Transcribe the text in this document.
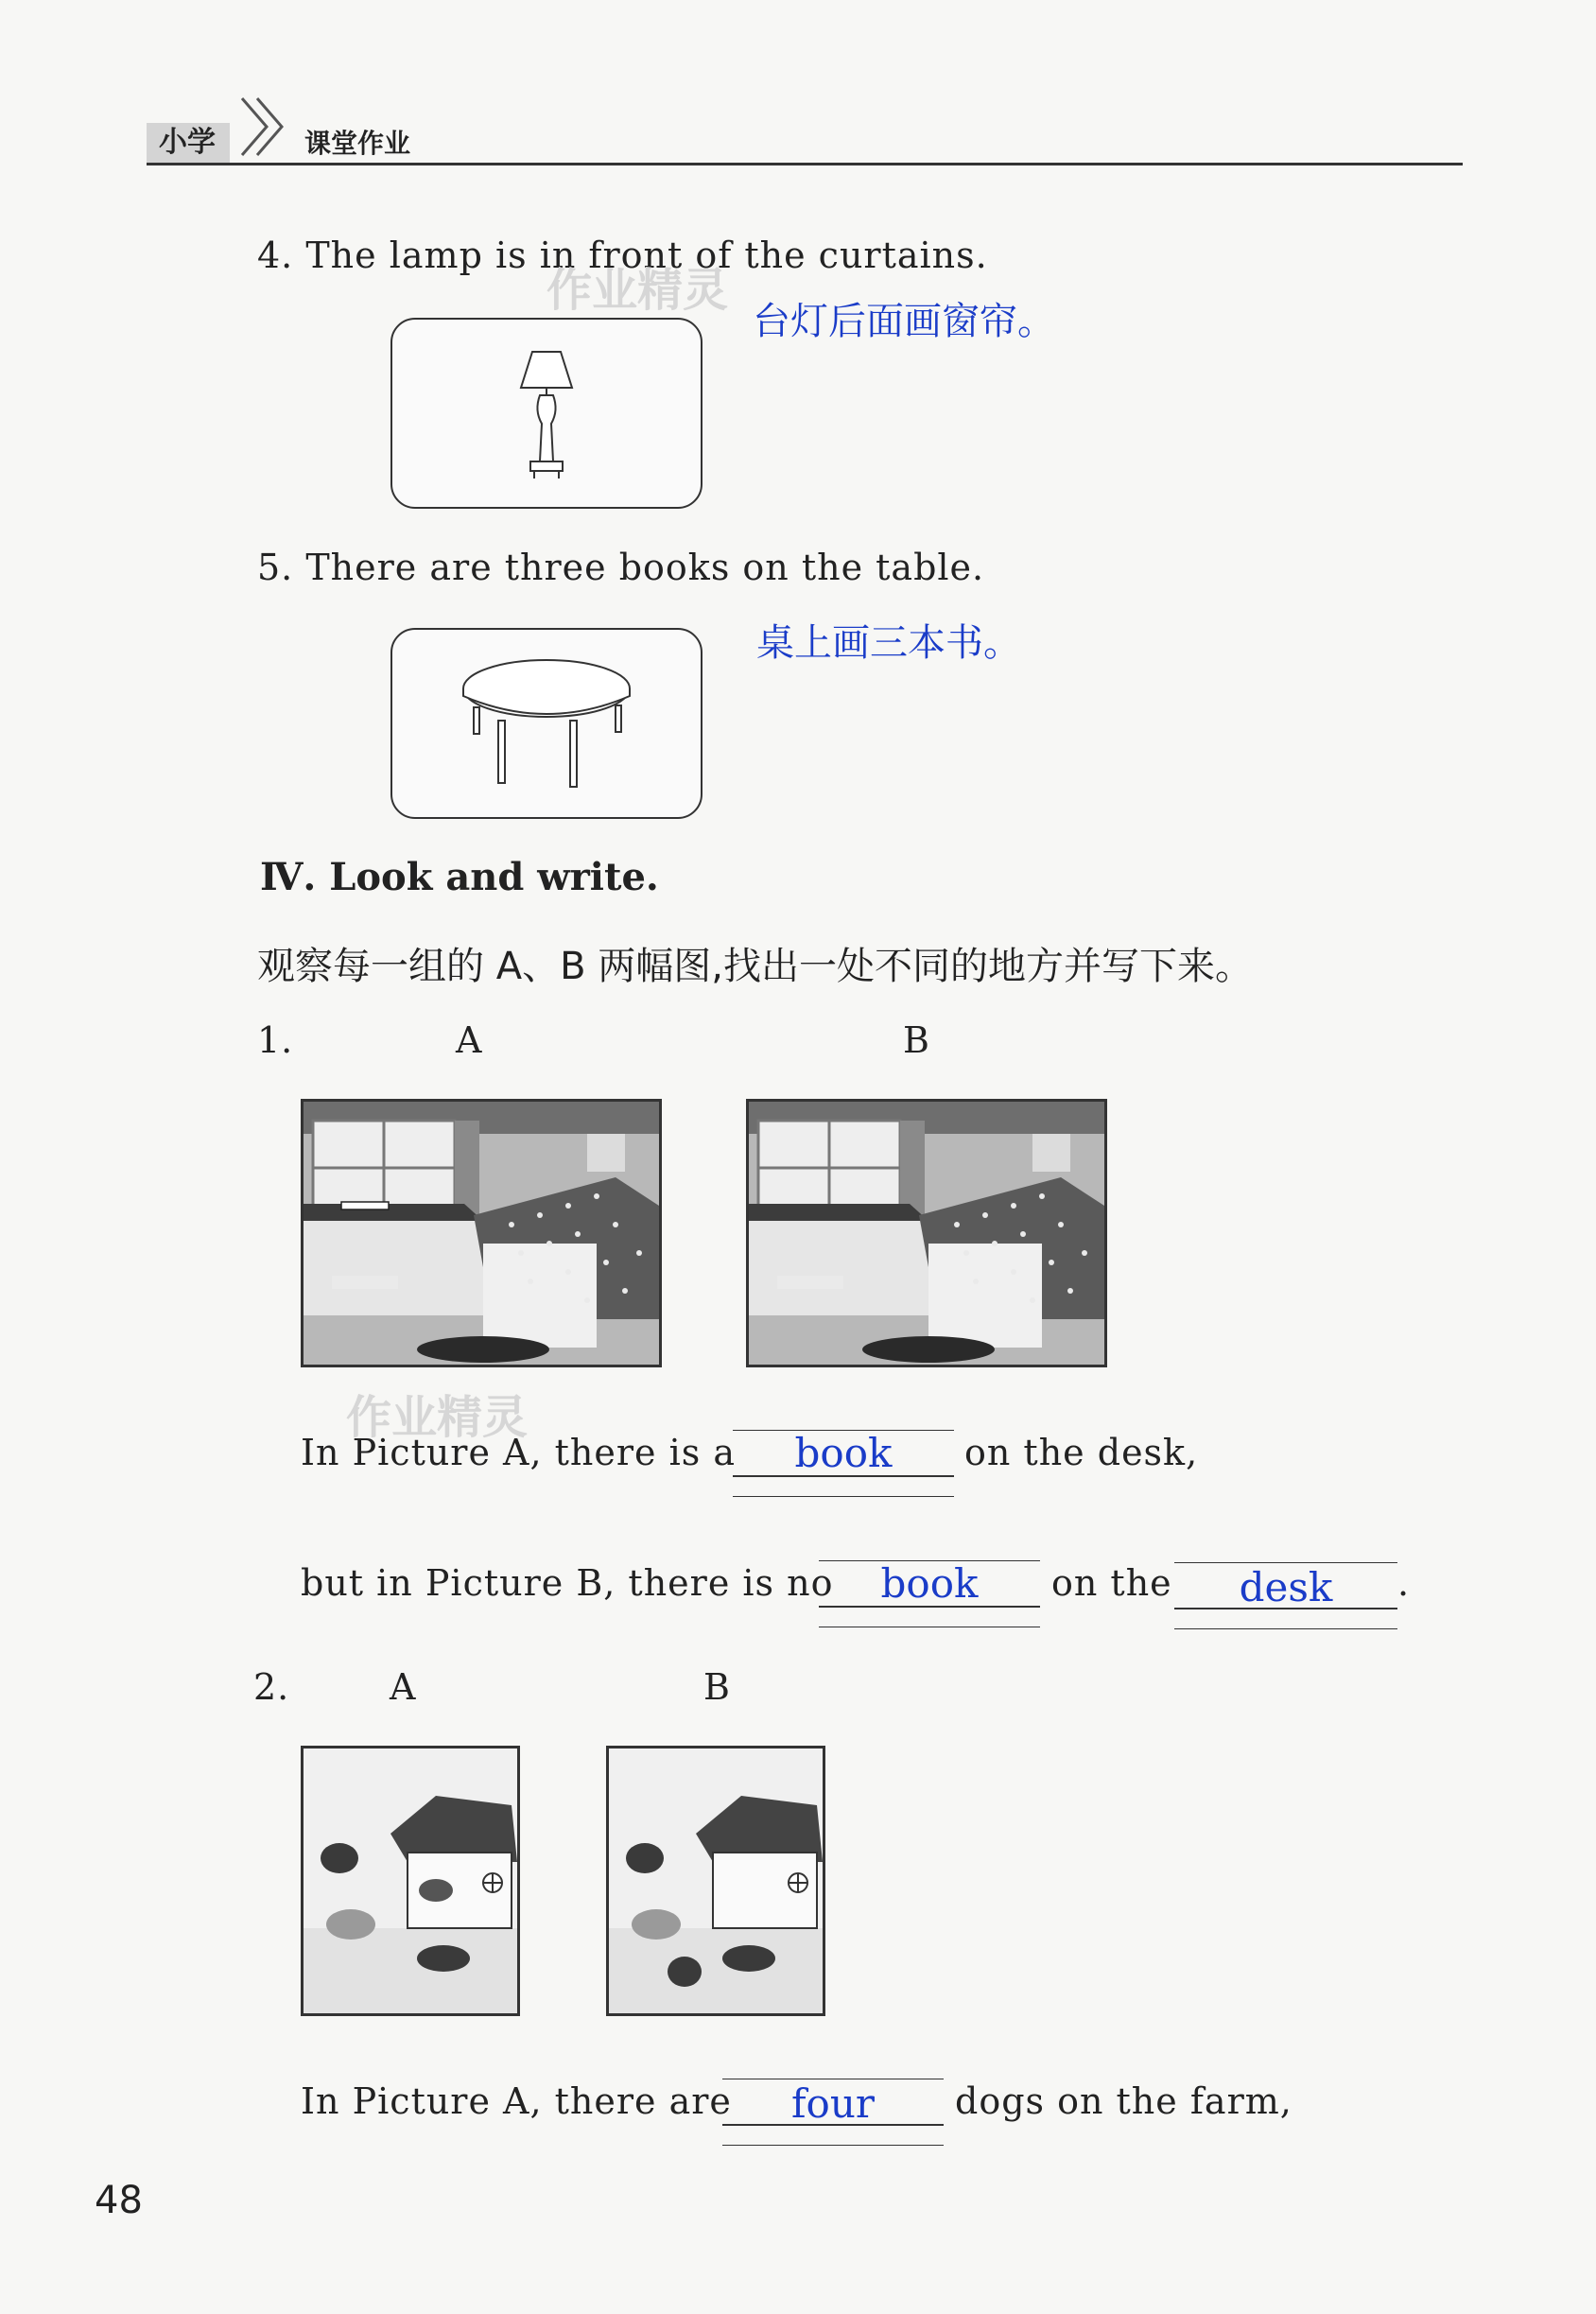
小学	课堂作业
4. The lamp is in front of the curtains.
作业精灵
台灯后面画窗帘。
5. There are three books on the table.
桌上画三本书。
Ⅳ. Look and write.
观察每一组的 A、B 两幅图,找出一处不同的地方并写下来。
1.	A	B
作业精灵
In Picture A, there is a	book	on the desk,
but in Picture B, there is no	book	on the	desk	.
2.	A	B
In Picture A, there are	four	dogs on the farm,
48
